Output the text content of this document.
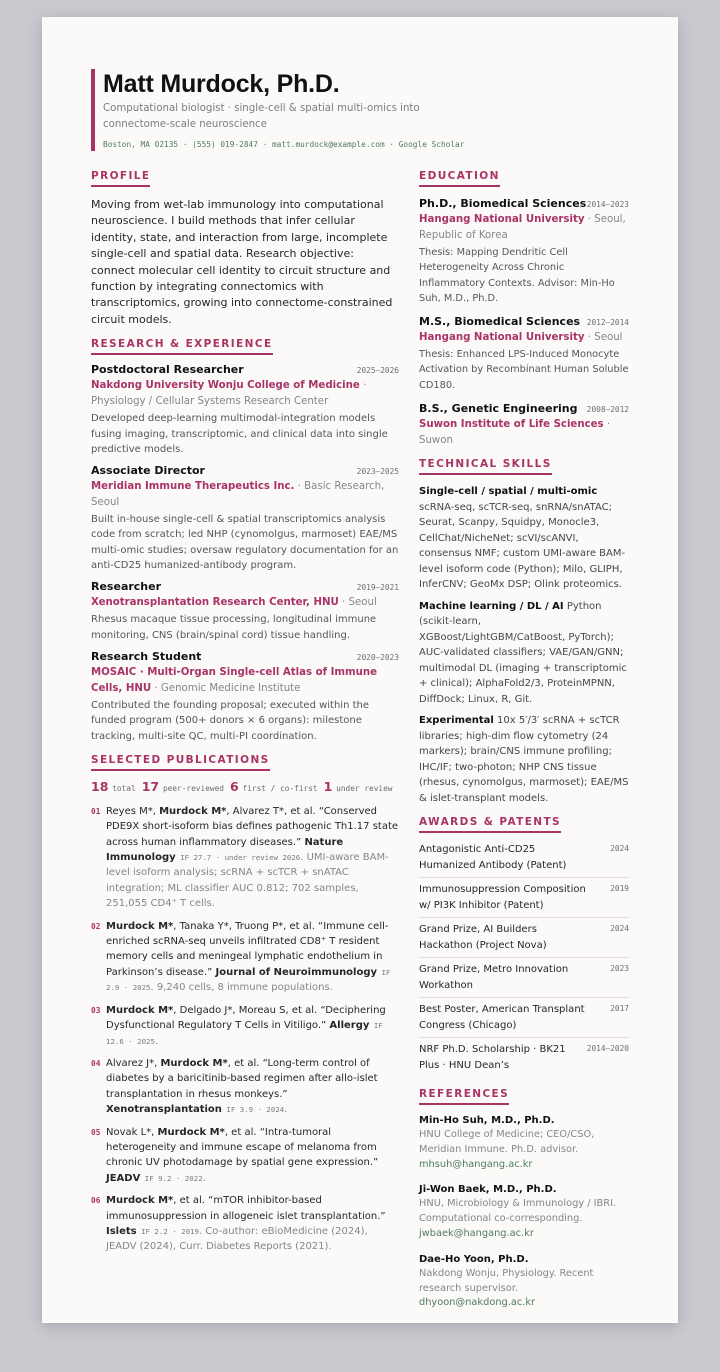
Matt Murdock, Ph.D.
Computational biologist · single-cell & spatial multi-omics into connectome-scale neuroscience
Boston, MA 02135 · (555) 019-2847 · matt.murdock@example.com · Google Scholar
PROFILE

Moving from wet-lab immunology into computational neuroscience. I build methods that infer cellular identity, state, and interaction from large, incomplete single-cell and spatial data. Research objective: connect molecular cell identity to circuit structure and function by integrating connectomics with transcriptomics, growing into connectome-constrained circuit models.

RESEARCH & EXPERIENCE
Postdoctoral Researcher	2025–2026
Nakdong University Wonju College of Medicine · Physiology / Cellular Systems Research Center
Developed deep-learning multimodal-integration models fusing imaging, transcriptomic, and clinical data into single predictive models.
Associate Director	2023–2025
Meridian Immune Therapeutics Inc. · Basic Research, Seoul
Built in-house single-cell & spatial transcriptomics analysis code from scratch; led NHP (cynomolgus, marmoset) EAE/MS multi-omic studies; oversaw regulatory documentation for an anti-CD25 humanized-antibody program.
Researcher	2019–2021
Xenotransplantation Research Center, HNU · Seoul
Rhesus macaque tissue processing, longitudinal immune monitoring, CNS (brain/spinal cord) tissue handling.
Research Student	2020–2023
MOSAIC · Multi-Organ Single-cell Atlas of Immune Cells, HNU · Genomic Medicine Institute
Contributed the founding proposal; executed within the funded program (500+ donors × 6 organs): milestone tracking, multi-site QC, multi-PI coordination.
SELECTED PUBLICATIONS
18 total 17 peer-reviewed 6 first / co-first 1 under review
01 Reyes M*, Murdock M*, Alvarez T*, et al. “Conserved PDE9X short-isoform bias defines pathogenic Th1.17 state across human inflammatory diseases.” Nature Immunology IF 27.7 · under review 2026. UMI-aware BAM-level isoform analysis; scRNA + scTCR + snATAC integration; ML classifier AUC 0.812; 702 samples, 251,055 CD4⁺ T cells.
02 Murdock M*, Tanaka Y*, Truong P*, et al. “Immune cell-enriched scRNA-seq unveils infiltrated CD8⁺ T resident memory cells and meningeal lymphatic endothelium in Parkinson’s disease.” Journal of Neuroimmunology IF 2.9 · 2025. 9,240 cells, 8 immune populations.
03 Murdock M*, Delgado J*, Moreau S, et al. “Deciphering Dysfunctional Regulatory T Cells in Vitiligo.” Allergy IF 12.6 · 2025.
04 Alvarez J*, Murdock M*, et al. “Long-term control of diabetes by a baricitinib-based regimen after allo-islet transplantation in rhesus monkeys.” Xenotransplantation IF 3.9 · 2024.
05 Novak L*, Murdock M*, et al. “Intra-tumoral heterogeneity and immune escape of melanoma from chronic UV photodamage by spatial gene expression.” JEADV IF 9.2 · 2022.
06 Murdock M*, et al. “mTOR inhibitor-based immunosuppression in allogeneic islet transplantation.” Islets IF 2.2 · 2019. Co-author: eBioMedicine (2024), JEADV (2024), Curr. Diabetes Reports (2021).
EDUCATION
Ph.D., Biomedical Sciences 2014–2023
Hangang National University · Seoul, Republic of Korea
Thesis: Mapping Dendritic Cell Heterogeneity Across Chronic Inflammatory Contexts. Advisor: Min-Ho Suh, M.D., Ph.D.
M.S., Biomedical Sciences 2012–2014
Hangang National University · Seoul
Thesis: Enhanced LPS-Induced Monocyte Activation by Recombinant Human Soluble CD180.
B.S., Genetic Engineering 2008–2012
Suwon Institute of Life Sciences · Suwon
TECHNICAL SKILLS
Single-cell / spatial / multi-omic scRNA-seq, scTCR-seq, snRNA/snATAC; Seurat, Scanpy, Squidpy, Monocle3, CellChat/NicheNet; scVI/scANVI, consensus NMF; custom UMI-aware BAM-level isoform code (Python); Milo, GLIPH, InferCNV; GeoMx DSP; Olink proteomics.
Machine learning / DL / AI Python (scikit-learn, XGBoost/LightGBM/CatBoost, PyTorch); AUC-validated classifiers; VAE/GAN/GNN; multimodal DL (imaging + transcriptomic + clinical); AlphaFold2/3, ProteinMPNN, DiffDock; Linux, R, Git.
Experimental 10x 5′/3′ scRNA + scTCR libraries; high-dim flow cytometry (24 markers); brain/CNS immune profiling; IHC/IF; two-photon; NHP CNS tissue (rhesus, cynomolgus, marmoset); EAE/MS & islet-transplant models.
AWARDS & PATENTS
Antagonistic Anti-CD25 Humanized Antibody (Patent)
2024
Immunosuppression Composition w/ PI3K Inhibitor (Patent)
2019
Grand Prize, AI Builders Hackathon (Project Nova)
2024
Grand Prize, Metro Innovation Workathon
2023
Best Poster, American Transplant Congress (Chicago)
2017
NRF Ph.D. Scholarship · BK21 Plus · HNU Dean’s
2014–2020
REFERENCES
Min-Ho Suh, M.D., Ph.D.
HNU College of Medicine; CEO/CSO, Meridian Immune. Ph.D. advisor.
mhsuh@hangang.ac.kr
Ji-Won Baek, M.D., Ph.D.
HNU, Microbiology & Immunology / IBRI. Computational co-corresponding.
jwbaek@hangang.ac.kr
Dae-Ho Yoon, Ph.D.
Nakdong Wonju, Physiology. Recent research supervisor.
dhyoon@nakdong.ac.kr
